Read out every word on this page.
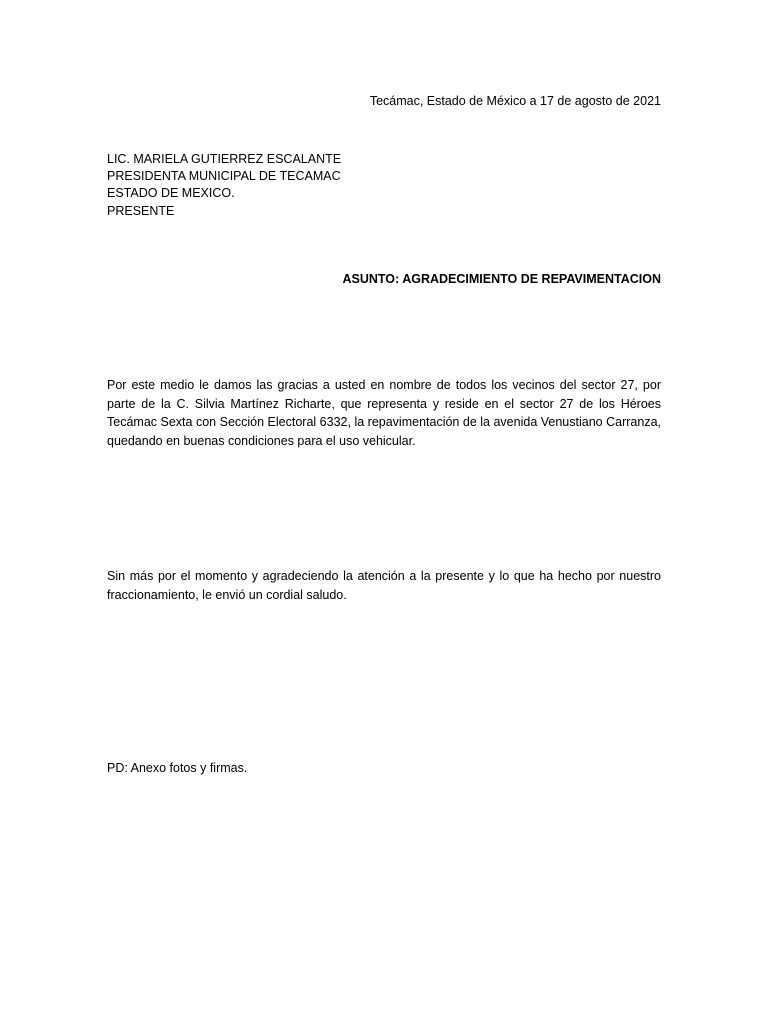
Tecámac, Estado de México a 17 de agosto de 2021
LIC. MARIELA GUTIERREZ ESCALANTE
PRESIDENTA MUNICIPAL DE TECAMAC
ESTADO DE MEXICO.
PRESENTE
ASUNTO: AGRADECIMIENTO DE REPAVIMENTACION
Por este medio le damos las gracias a usted en nombre de todos los vecinos del sector 27, por
parte de la C. Silvia Martínez Richarte, que representa y reside en el sector 27 de los Héroes
Tecámac Sexta con Sección Electoral 6332, la repavimentación de la avenida Venustiano Carranza,
quedando en buenas condiciones para el uso vehicular.
Sin más por el momento y agradeciendo la atención a la presente y lo que ha hecho por nuestro
fraccionamiento, le envió un cordial saludo.
PD: Anexo fotos y firmas.
